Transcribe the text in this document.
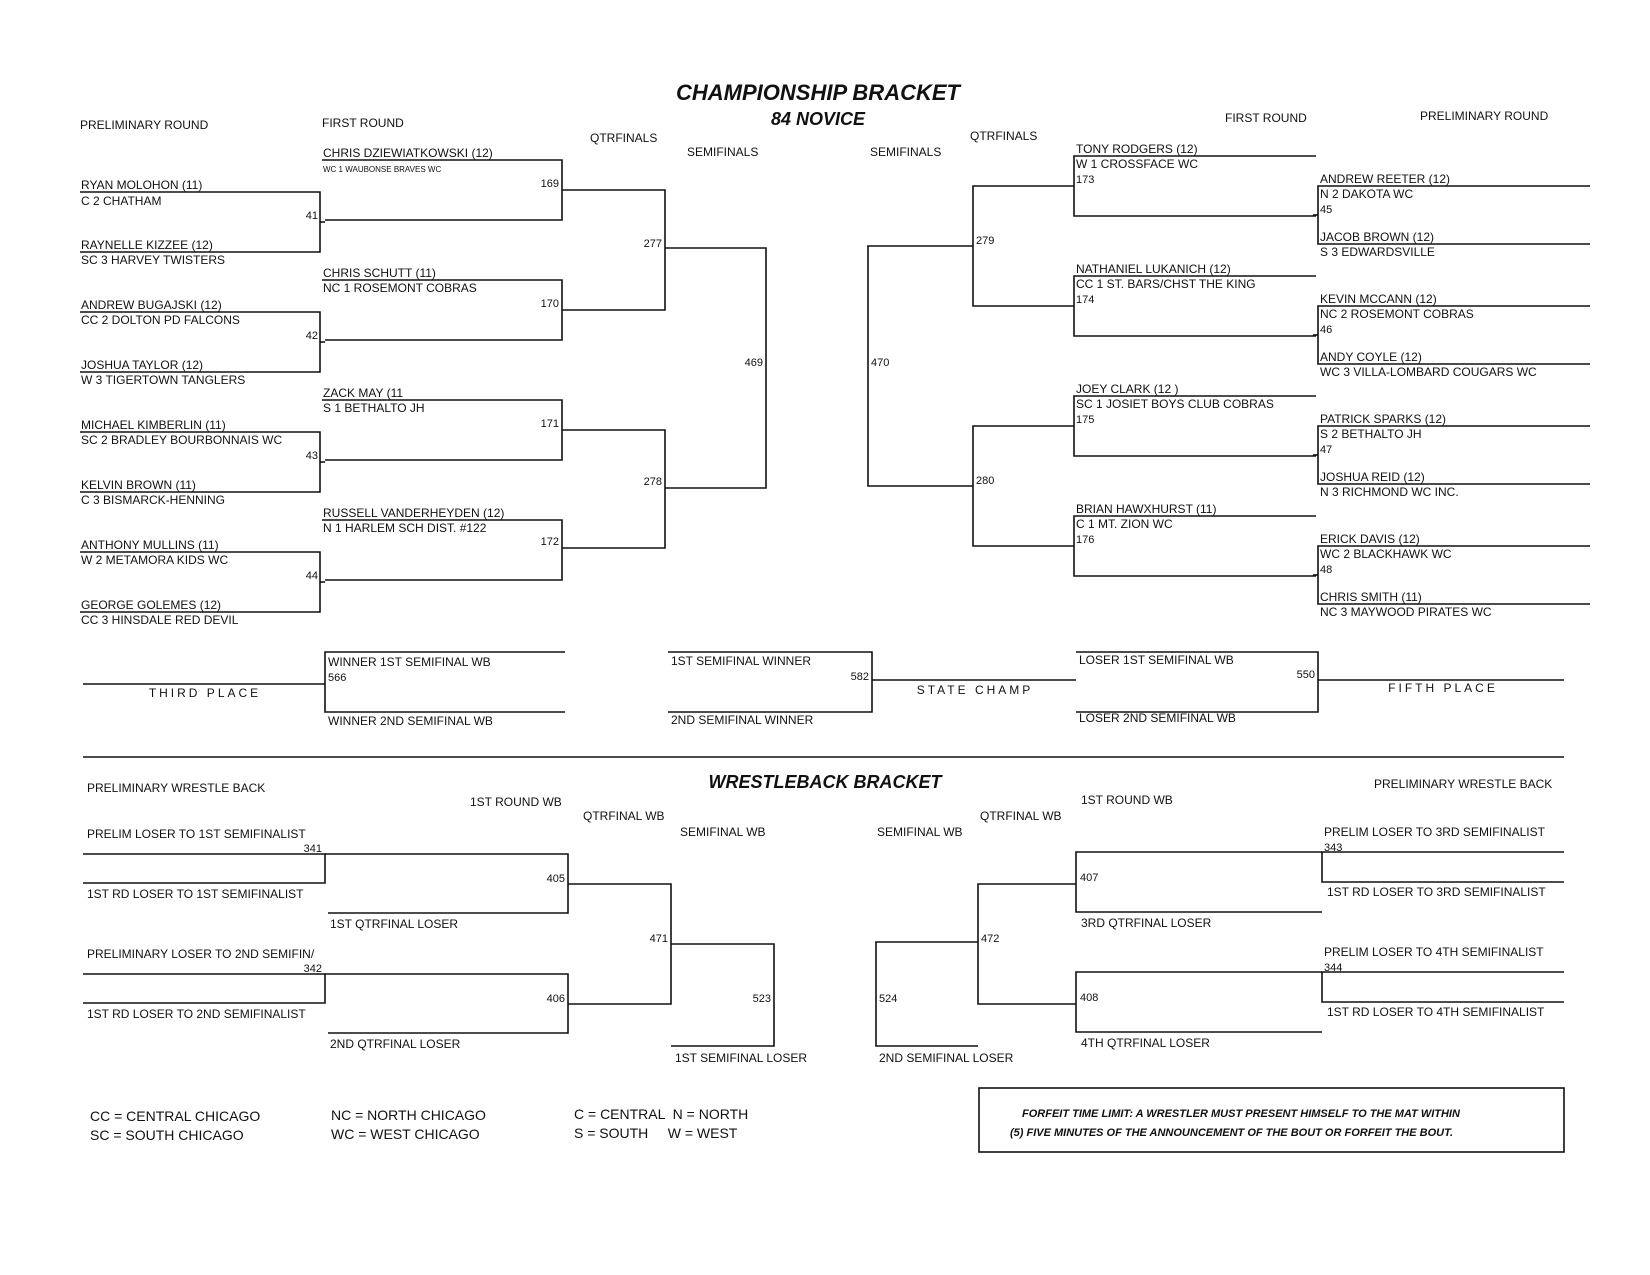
CHAMPIONSHIP BRACKET
84 NOVICE
WRESTLEBACK BRACKET
PRELIMINARY ROUND	FIRST ROUND
QTRFINALS
SEMIFINALS	SEMIFINALS
QTRFINALS
FIRST ROUND	PRELIMINARY ROUND
RYAN MOLOHON (11)
C 2 CHATHAM
RAYNELLE KIZZEE (12)
SC 3 HARVEY TWISTERS
ANDREW BUGAJSKI (12)
CC 2 DOLTON PD FALCONS
JOSHUA TAYLOR (12)
W 3 TIGERTOWN TANGLERS
MICHAEL KIMBERLIN (11)
SC 2 BRADLEY BOURBONNAIS WC
KELVIN BROWN (11)
C 3 BISMARCK-HENNING
ANTHONY MULLINS (11)
W 2 METAMORA KIDS WC
GEORGE GOLEMES (12)
CC 3 HINSDALE RED DEVIL
41
42
43
44
CHRIS DZIEWIATKOWSKI (12)
WC 1 WAUBONSE BRAVES WC
CHRIS SCHUTT (11)
NC 1 ROSEMONT COBRAS
ZACK MAY (11
S 1 BETHALTO JH
RUSSELL VANDERHEYDEN (12)
N 1 HARLEM SCH DIST. #122
169
170
171
172
277
278
469	470
279
280
TONY RODGERS (12)
W 1 CROSSFACE WC
NATHANIEL LUKANICH (12)
CC 1 ST. BARS/CHST THE KING
JOEY CLARK (12 )
SC 1 JOSIET BOYS CLUB COBRAS
BRIAN HAWXHURST (11)
C 1 MT. ZION WC
173
174
175
176
ANDREW REETER (12)
N 2 DAKOTA WC
JACOB BROWN (12)
S 3 EDWARDSVILLE
KEVIN MCCANN (12)
NC 2 ROSEMONT COBRAS
ANDY COYLE (12)
WC 3 VILLA-LOMBARD COUGARS WC
PATRICK SPARKS (12)
S 2 BETHALTO JH
JOSHUA REID (12)
N 3 RICHMOND WC INC.
ERICK DAVIS (12)
WC 2 BLACKHAWK WC
CHRIS SMITH (11)
NC 3 MAYWOOD PIRATES WC
45
46
47
48
WINNER 1ST SEMIFINAL WB
566
WINNER 2ND SEMIFINAL WB
THIRD PLACE
1ST SEMIFINAL WINNER
582
2ND SEMIFINAL WINNER
STATE CHAMP
LOSER 1ST SEMIFINAL WB
550
LOSER 2ND SEMIFINAL WB
FIFTH PLACE
PRELIMINARY WRESTLE BACK
1ST ROUND WB
QTRFINAL WB
SEMIFINAL WB	SEMIFINAL WB
QTRFINAL WB
1ST ROUND WB
PRELIMINARY WRESTLE BACK
PRELIM LOSER TO 1ST SEMIFINALIST
341
1ST RD LOSER TO 1ST SEMIFINALIST
PRELIMINARY LOSER TO 2ND SEMIFIN/
342
1ST RD LOSER TO 2ND SEMIFINALIST
405
406
1ST QTRFINAL LOSER
2ND QTRFINAL LOSER
471
523
1ST SEMIFINAL LOSER
PRELIM LOSER TO 3RD SEMIFINALIST
343
1ST RD LOSER TO 3RD SEMIFINALIST
PRELIM LOSER TO 4TH SEMIFINALIST
344
1ST RD LOSER TO 4TH SEMIFINALIST
407
408
3RD QTRFINAL LOSER
4TH QTRFINAL LOSER
472
524
2ND SEMIFINAL LOSER
CC = CENTRAL CHICAGO
SC = SOUTH CHICAGO
NC = NORTH CHICAGO
WC = WEST CHICAGO
C = CENTRAL  N = NORTH
S = SOUTH     W = WEST
FORFEIT TIME LIMIT: A WRESTLER MUST PRESENT HIMSELF TO THE MAT WITHIN
(5) FIVE MINUTES OF THE ANNOUNCEMENT OF THE BOUT OR FORFEIT THE BOUT.
